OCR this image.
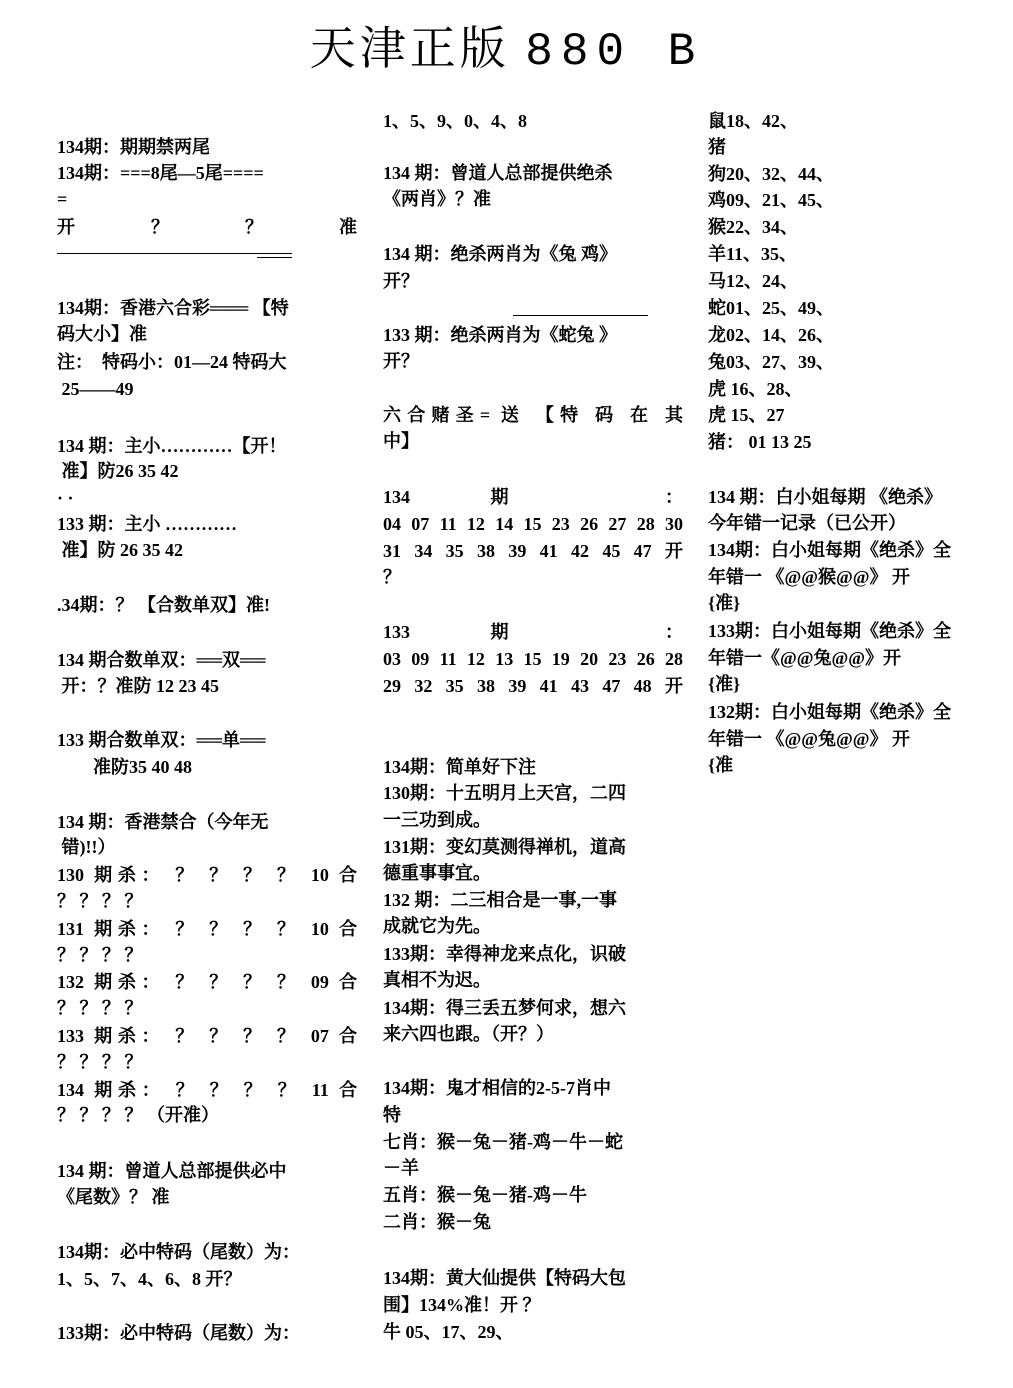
天津正版 880 B
134期：期期禁两尾
134期：===8尾—5尾====
=
开 ？ ？ 准
134期：香港六合彩═══ 【特
码大小】准
注：  特码小：01—24 特码大
25——49
134 期：主小…………【开！
准】防26 35 42
· ·
133 期：主小 …………
准】防 26 35 42
.34期：？ 【合数单双】准!
134 期合数单双：══双══
开：？准防 12 23 45
133 期合数单双：══单══
准防35 40 48
134 期：香港禁合（今年无
错)!!）
130 期杀： ？ ？ ？ ？ 10 合
？ ？ ？ ？
131 期杀： ？ ？ ？ ？ 10 合
？ ？ ？ ？
132 期杀： ？ ？ ？ ？ 09 合
？ ？ ？ ？
133 期杀： ？ ？ ？ ？ 07 合
？ ？ ？ ？
134 期杀： ？ ？ ？ ？ 11 合
？ ？ ？ ？ （开准）
134 期：曾道人总部提供必中
《尾数》？ 准
134期：必中特码（尾数）为：
1、5、7、4、6、8 开？
133期：必中特码（尾数）为：
1、5、9、0、4、8
134 期：曾道人总部提供绝杀
《两肖》？准
134 期：绝杀两肖为《兔 鸡》
开？
133 期：绝杀两肖为《蛇兔 》
开？
六合赌圣= 送 【特 码 在 其
中】
134 期 ：
04 07 11 12 14 15 23 26 27 28 30
31 34 35 38 39 41 42 45 47 开
？
133 期 ：
03 09 11 12 13 15 19 20 23 26 28
29 32 35 38 39 41 43 47 48 开
134期：简单好下注
130期：十五明月上天宫，二四
一三功到成。
131期：变幻莫测得禅机，道高
德重事事宜。
132 期：二三相合是一事,一事
成就它为先。
133期：幸得神龙来点化，识破
真相不为迟。
134期：得三丢五梦何求，想六
来六四也跟。（开？）
134期：鬼才相信的2-5-7肖中
特
七肖：猴－兔－猪-鸡－牛－蛇
－羊
五肖：猴－兔－猪-鸡－牛
二肖：猴－兔
134期：黄大仙提供【特码大包
围】134%准！开 ？
牛 05、17、29、
鼠18、42、
猪
狗20、32、44、
鸡09、21、45、
猴22、34、
羊11、35、
马12、24、
蛇01、25、49、
龙02、14、26、
兔03、27、39、
虎 16、28、
虎 15、27
猪： 01 13 25
134 期：白小姐每期 《绝杀》
今年错一记录（已公开）
134期：白小姐每期《绝杀》全
年错一 《@@猴@@》 开
{准}
133期：白小姐每期《绝杀》全
年错一《@@兔@@》开
{准}
132期：白小姐每期《绝杀》全
年错一 《@@兔@@》 开
{准
